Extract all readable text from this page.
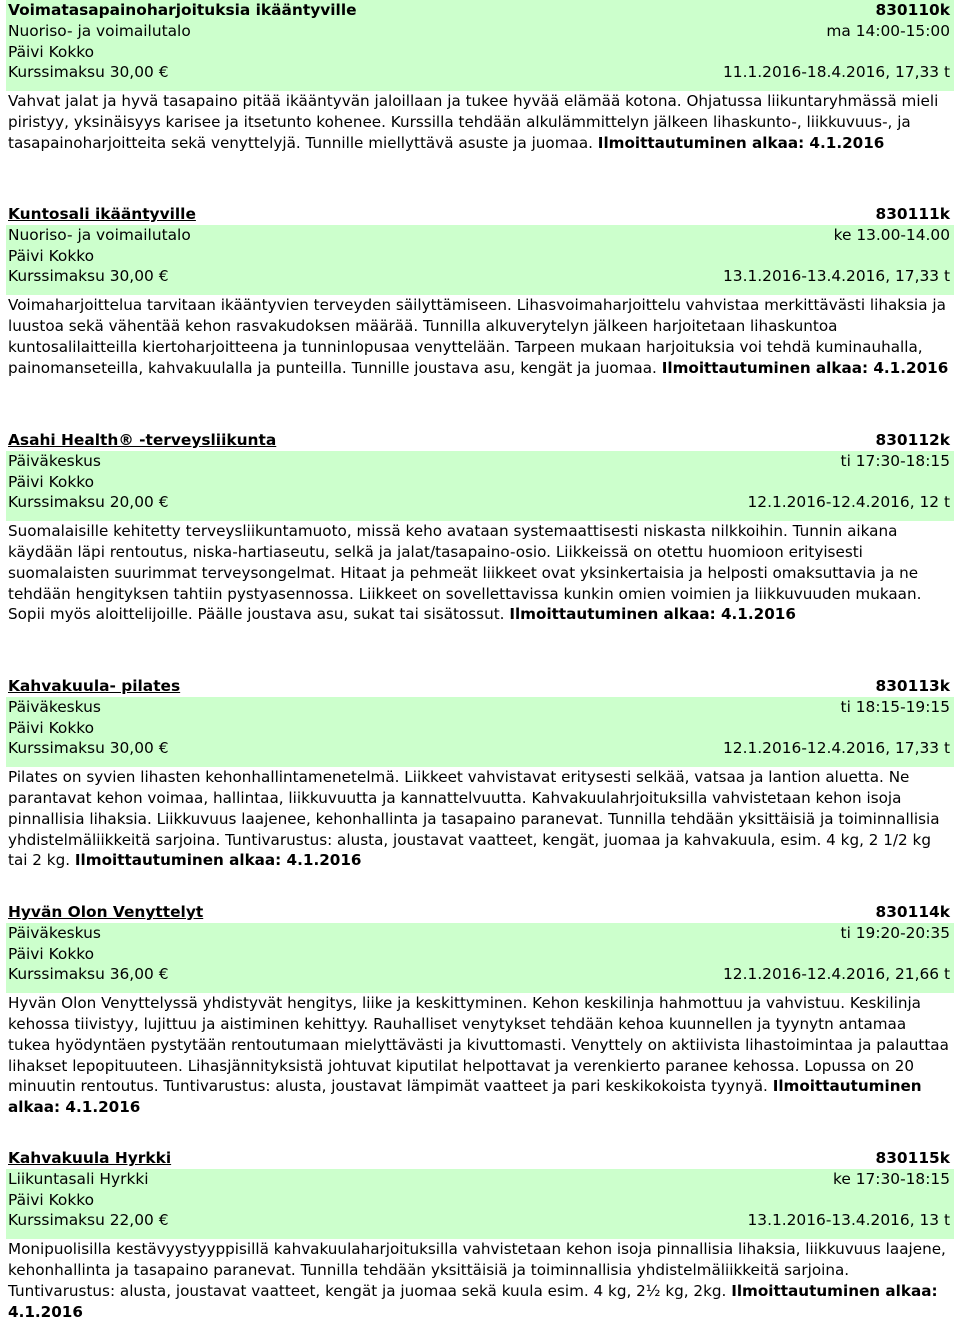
Voimatasapainoharjoituksia ikääntyville	830110k
Nuoriso- ja voimailutalo	ma 14:00-15:00
Päivi Kokko
Kurssimaksu 30,00 €	11.1.2016-18.4.2016, 17,33 t

Vahvat jalat ja hyvä tasapaino pitää ikääntyvän jaloillaan ja tukee hyvää elämää kotona. Ohjatussa liikuntaryhmässä mieli piristyy, yksinäisyys karisee ja itsetunto kohenee. Kurssilla tehdään alkulämmittelyn jälkeen lihaskunto-, liikkuvuus-, ja tasapainoharjoitteita sekä venyttelyjä. Tunnille miellyttävä asuste ja juomaa. Ilmoittautuminen alkaa: 4.1.2016

Kuntosali ikääntyville	830111k
Nuoriso- ja voimailutalo	ke 13.00-14.00
Päivi Kokko
Kurssimaksu 30,00 €	13.1.2016-13.4.2016, 17,33 t

Voimaharjoittelua tarvitaan ikääntyvien terveyden säilyttämiseen. Lihasvoimaharjoittelu vahvistaa merkittävästi lihaksia ja luustoa sekä vähentää kehon rasvakudoksen määrää. Tunnilla alkuverytelyn jälkeen harjoitetaan lihaskuntoa kuntosalilaitteilla kiertoharjoitteena ja tunninlopusaa venyttelään. Tarpeen mukaan harjoituksia voi tehdä kuminauhalla, painomanseteilla, kahvakuulalla ja punteilla. Tunnille joustava asu, kengät ja juomaa. Ilmoittautuminen alkaa: 4.1.2016

Asahi Health® -terveysliikunta	830112k
Päiväkeskus	ti 17:30-18:15
Päivi Kokko
Kurssimaksu 20,00 €	12.1.2016-12.4.2016, 12 t

Suomalaisille kehitetty terveysliikuntamuoto, missä keho avataan systemaattisesti niskasta nilkkoihin. Tunnin aikana käydään läpi rentoutus, niska-hartiaseutu, selkä ja jalat/tasapaino-osio. Liikkeissä on otettu huomioon erityisesti suomalaisten suurimmat terveysongelmat. Hitaat ja pehmeät liikkeet ovat yksinkertaisia ja helposti omaksuttavia ja ne tehdään hengityksen tahtiin pystyasennossa. Liikkeet on sovellettavissa kunkin omien voimien ja liikkuvuuden mukaan. Sopii myös aloittelijoille. Päälle joustava asu, sukat tai sisätossut. Ilmoittautuminen alkaa: 4.1.2016

Kahvakuula- pilates	830113k
Päiväkeskus	ti 18:15-19:15
Päivi Kokko
Kurssimaksu 30,00 €	12.1.2016-12.4.2016, 17,33 t

Pilates on syvien lihasten kehonhallintamenetelmä. Liikkeet vahvistavat eritysesti selkää, vatsaa ja lantion aluetta. Ne parantavat kehon voimaa, hallintaa, liikkuvuutta ja kannattelvuutta. Kahvakuulahrjoituksilla vahvistetaan kehon isoja pinnallisia lihaksia. Liikkuvuus laajenee, kehonhallinta ja tasapaino paranevat. Tunnilla tehdään yksittäisiä ja toiminnallisia yhdistelmäliikkeitä sarjoina. Tuntivarustus: alusta, joustavat vaatteet, kengät, juomaa ja kahvakuula, esim. 4 kg, 2 1/2 kg tai 2 kg. Ilmoittautuminen alkaa: 4.1.2016

Hyvän Olon Venyttelyt	830114k
Päiväkeskus	ti 19:20-20:35
Päivi Kokko
Kurssimaksu 36,00 €	12.1.2016-12.4.2016, 21,66 t

Hyvän Olon Venyttelyssä yhdistyvät hengitys, liike ja keskittyminen. Kehon keskilinja hahmottuu ja vahvistuu. Keskilinja kehossa tiivistyy, lujittuu ja aistiminen kehittyy. Rauhalliset venytykset tehdään kehoa kuunnellen ja tyynytn antamaa tukea hyödyntäen pystytään rentoutumaan mielyttävästi ja kivuttomasti. Venyttely on aktiivista lihastoimintaa ja palauttaa lihakset lepopituuteen. Lihasjännityksistä johtuvat kiputilat helpottavat ja verenkierto paranee kehossa. Lopussa on 20 minuutin rentoutus. Tuntivarustus: alusta, joustavat lämpimät vaatteet ja pari keskikokoista tyynyä. Ilmoittautuminen alkaa: 4.1.2016

Kahvakuula Hyrkki	830115k
Liikuntasali Hyrkki	ke 17:30-18:15
Päivi Kokko
Kurssimaksu 22,00 €	13.1.2016-13.4.2016, 13 t

Monipuolisilla kestävyystyyppisillä kahvakuulaharjoituksilla vahvistetaan kehon isoja pinnallisia lihaksia, liikkuvuus laajene, kehonhallinta ja tasapaino paranevat. Tunnilla tehdään yksittäisiä ja toiminnallisia yhdistelmäliikkeitä sarjoina. Tuntivarustus: alusta, joustavat vaatteet, kengät ja juomaa sekä kuula esim. 4 kg, 2½ kg, 2kg. Ilmoittautuminen alkaa: 4.1.2016
